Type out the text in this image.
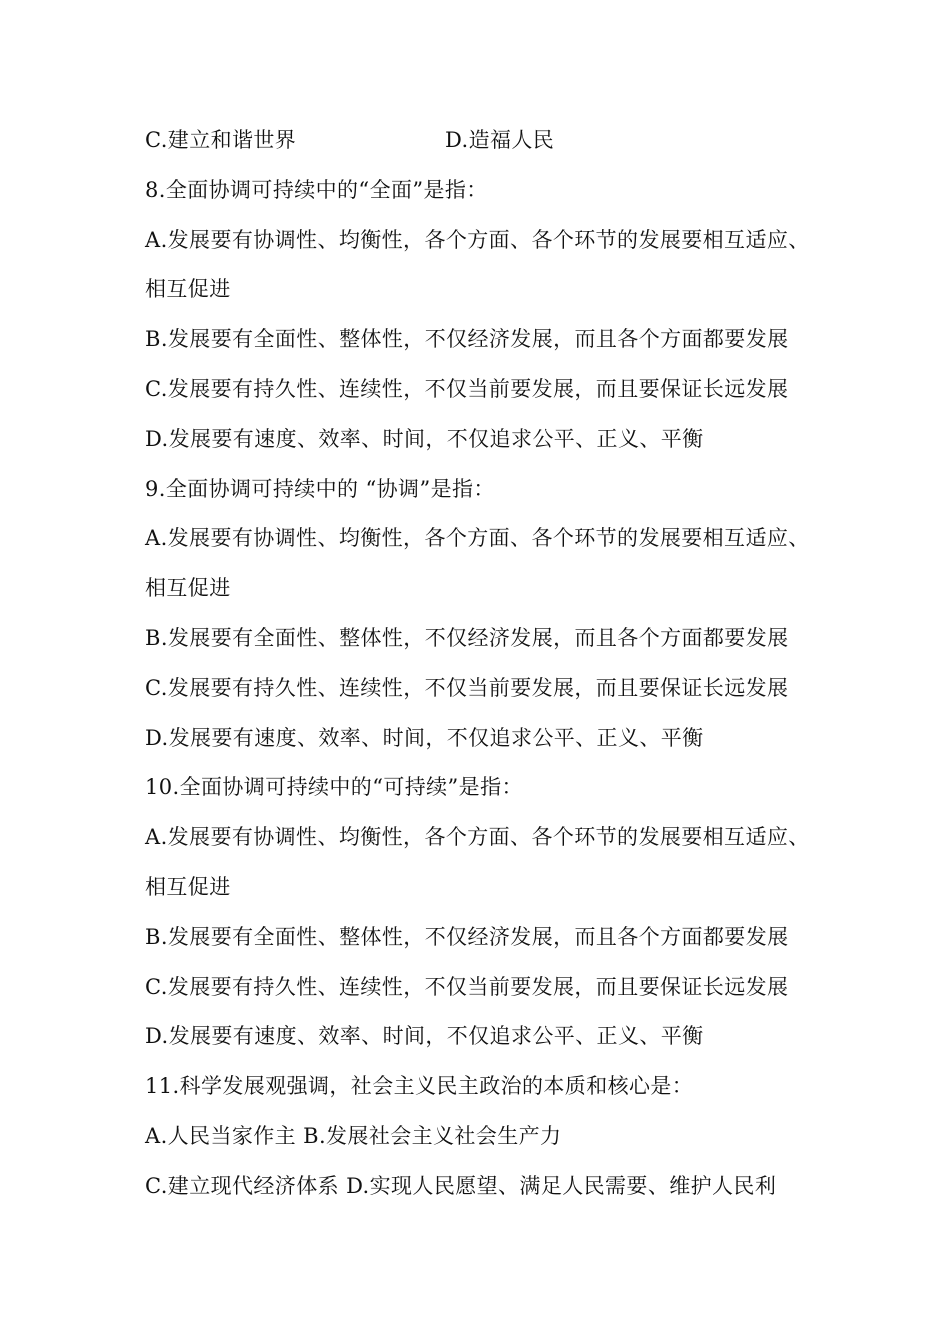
C.建立和谐世界	D.造福人民
8.全面协调可持续中的“全面”是指：
A.发展要有协调性、均衡性，各个方面、各个环节的发展要相互适应、
相互促进
B.发展要有全面性、整体性，不仅经济发展，而且各个方面都要发展
C.发展要有持久性、连续性，不仅当前要发展，而且要保证长远发展
D.发展要有速度、效率、时间，不仅追求公平、正义、平衡
9.全面协调可持续中的 “协调”是指：
A.发展要有协调性、均衡性，各个方面、各个环节的发展要相互适应、
相互促进
B.发展要有全面性、整体性，不仅经济发展，而且各个方面都要发展
C.发展要有持久性、连续性，不仅当前要发展，而且要保证长远发展
D.发展要有速度、效率、时间，不仅追求公平、正义、平衡
10.全面协调可持续中的“可持续”是指：
A.发展要有协调性、均衡性，各个方面、各个环节的发展要相互适应、
相互促进
B.发展要有全面性、整体性，不仅经济发展，而且各个方面都要发展
C.发展要有持久性、连续性，不仅当前要发展，而且要保证长远发展
D.发展要有速度、效率、时间，不仅追求公平、正义、平衡
11.科学发展观强调，社会主义民主政治的本质和核心是：
A.人民当家作主 B.发展社会主义社会生产力
C.建立现代经济体系 D.实现人民愿望、满足人民需要、维护人民利
